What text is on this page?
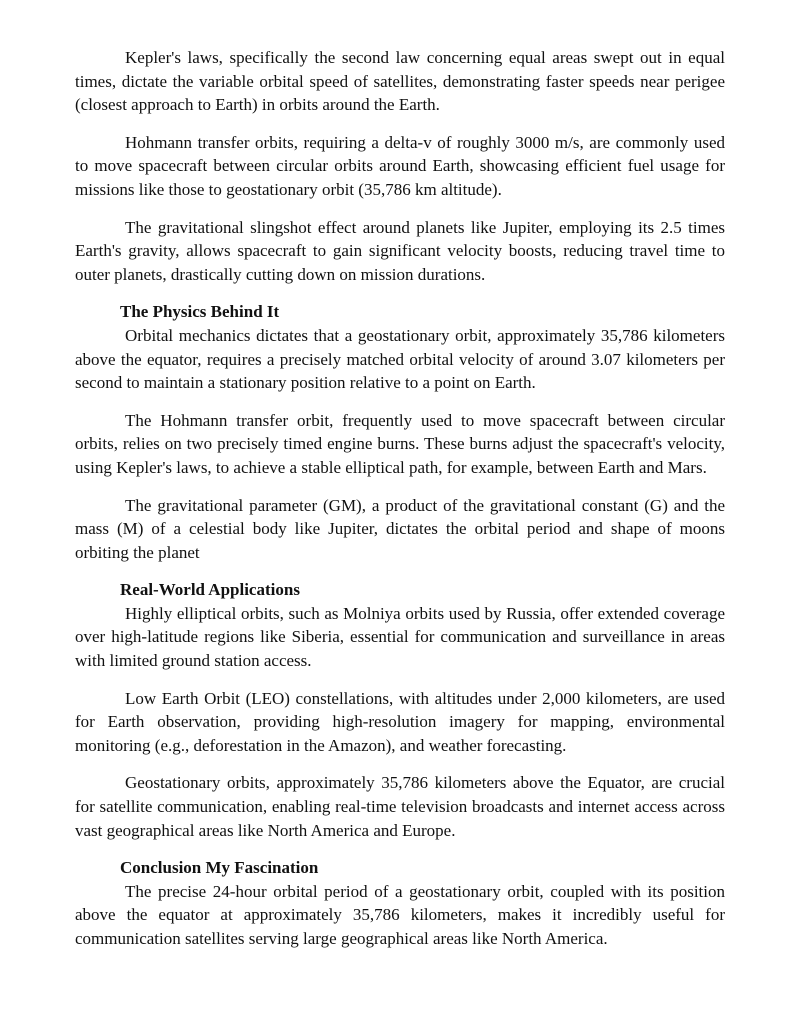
Kepler's laws, specifically the second law concerning equal areas swept out in equal times, dictate the variable orbital speed of satellites, demonstrating faster speeds near perigee (closest approach to Earth) in orbits around the Earth.

Hohmann transfer orbits, requiring a delta-v of roughly 3000 m/s, are commonly used to move spacecraft between circular orbits around Earth, showcasing efficient fuel usage for missions like those to geostationary orbit (35,786 km altitude).

The gravitational slingshot effect around planets like Jupiter, employing its 2.5 times Earth's gravity, allows spacecraft to gain significant velocity boosts, reducing travel time to outer planets, drastically cutting down on mission durations.

The Physics Behind It

Orbital mechanics dictates that a geostationary orbit, approximately 35,786 kilometers above the equator, requires a precisely matched orbital velocity of around 3.07 kilometers per second to maintain a stationary position relative to a point on Earth.

The Hohmann transfer orbit, frequently used to move spacecraft between circular orbits, relies on two precisely timed engine burns. These burns adjust the spacecraft's velocity, using Kepler's laws, to achieve a stable elliptical path, for example, between Earth and Mars.

The gravitational parameter (GM), a product of the gravitational constant (G) and the mass (M) of a celestial body like Jupiter, dictates the orbital period and shape of moons orbiting the planet

Real-World Applications

Highly elliptical orbits, such as Molniya orbits used by Russia, offer extended coverage over high-latitude regions like Siberia, essential for communication and surveillance in areas with limited ground station access.

Low Earth Orbit (LEO) constellations, with altitudes under 2,000 kilometers, are used for Earth observation, providing high-resolution imagery for mapping, environmental monitoring (e.g., deforestation in the Amazon), and weather forecasting.

Geostationary orbits, approximately 35,786 kilometers above the Equator, are crucial for satellite communication, enabling real-time television broadcasts and internet access across vast geographical areas like North America and Europe.

Conclusion My Fascination

The precise 24-hour orbital period of a geostationary orbit, coupled with its position above the equator at approximately 35,786 kilometers, makes it incredibly useful for communication satellites serving large geographical areas like North America.
